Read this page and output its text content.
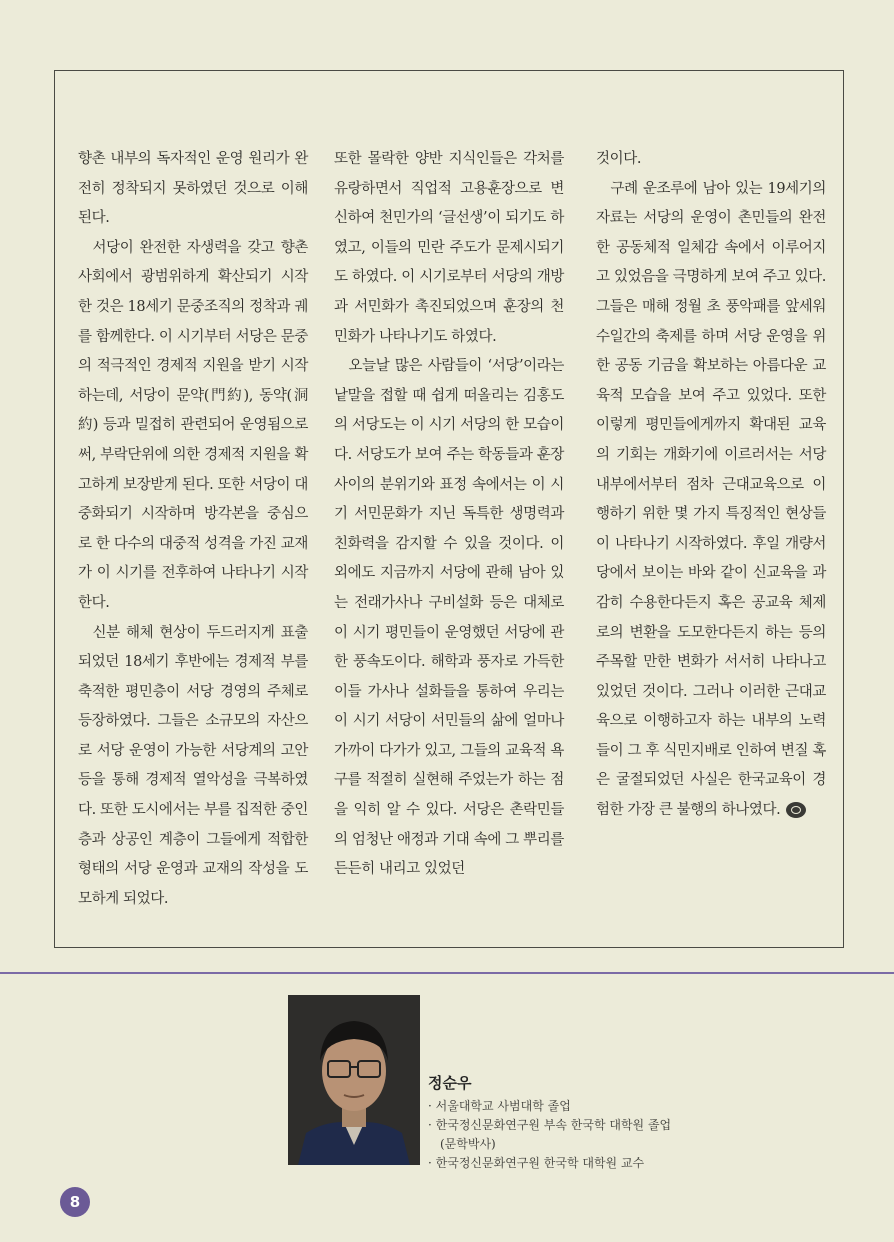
향촌 내부의 독자적인 운영 원리가 완전히 정착되지 못하였던 것으로 이해된다.

서당이 완전한 자생력을 갖고 향촌사회에서 광범위하게 확산되기 시작한 것은 18세기 문중조직의 정착과 궤를 함께한다. 이 시기부터 서당은 문중의 적극적인 경제적 지원을 받기 시작하는데, 서당이 문약(門約), 동약(洞約) 등과 밀접히 관련되어 운영됨으로써, 부락단위에 의한 경제적 지원을 확고하게 보장받게 된다. 또한 서당이 대중화되기 시작하며 방각본을 중심으로 한 다수의 대중적 성격을 가진 교재가 이 시기를 전후하여 나타나기 시작한다.

신분 해체 현상이 두드러지게 표출되었던 18세기 후반에는 경제적 부를 축적한 평민층이 서당 경영의 주체로 등장하였다. 그들은 소규모의 자산으로 서당 운영이 가능한 서당계의 고안 등을 통해 경제적 열악성을 극복하였다. 또한 도시에서는 부를 집적한 중인층과 상공인 계층이 그들에게 적합한 형태의 서당 운영과 교재의 작성을 도모하게 되었다.

또한 몰락한 양반 지식인들은 각처를 유랑하면서 직업적 고용훈장으로 변신하여 천민가의 ‘글선생’이 되기도 하였고, 이들의 민란 주도가 문제시되기도 하였다. 이 시기로부터 서당의 개방과 서민화가 촉진되었으며 훈장의 천민화가 나타나기도 하였다.

오늘날 많은 사람들이 ‘서당’이라는 낱말을 접할 때 쉽게 떠올리는 김홍도의 서당도는 이 시기 서당의 한 모습이다. 서당도가 보여 주는 학동들과 훈장 사이의 분위기와 표정 속에서는 이 시기 서민문화가 지닌 독특한 생명력과 친화력을 감지할 수 있을 것이다. 이 외에도 지금까지 서당에 관해 남아 있는 전래가사나 구비설화 등은 대체로 이 시기 평민들이 운영했던 서당에 관한 풍속도이다. 해학과 풍자로 가득한 이들 가사나 설화들을 통하여 우리는 이 시기 서당이 서민들의 삶에 얼마나 가까이 다가가 있고, 그들의 교육적 욕구를 적절히 실현해 주었는가 하는 점을 익히 알 수 있다. 서당은 촌락민들의 엄청난 애정과 기대 속에 그 뿌리를 든든히 내리고 있었던

것이다.

구례 운조루에 남아 있는 19세기의 자료는 서당의 운영이 촌민들의 완전한 공동체적 일체감 속에서 이루어지고 있었음을 극명하게 보여 주고 있다. 그들은 매해 정월 초 풍악패를 앞세워 수일간의 축제를 하며 서당 운영을 위한 공동 기금을 확보하는 아름다운 교육적 모습을 보여 주고 있었다. 또한 이렇게 평민들에게까지 확대된 교육의 기회는 개화기에 이르러서는 서당 내부에서부터 점차 근대교육으로 이행하기 위한 몇 가지 특징적인 현상들이 나타나기 시작하였다. 후일 개량서당에서 보이는 바와 같이 신교육을 과감히 수용한다든지 혹은 공교육 체제로의 변환을 도모한다든지 하는 등의 주목할 만한 변화가 서서히 나타나고 있었던 것이다. 그러나 이러한 근대교육으로 이행하고자 하는 내부의 노력들이 그 후 식민지배로 인하여 변질 혹은 굴절되었던 사실은 한국교육이 경험한 가장 큰 불행의 하나였다.

정순우
· 서울대학교 사범대학 졸업
· 한국정신문화연구원 부속 한국학 대학원 졸업
(문학박사)
· 한국정신문화연구원 한국학 대학원 교수
8
